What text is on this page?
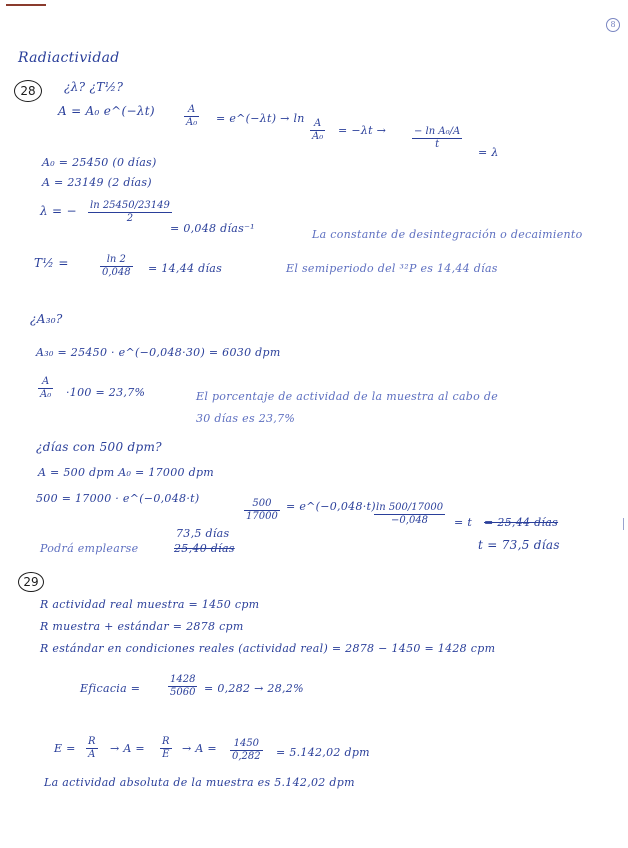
8
Radiactividad
28	¿λ? ¿T½?
A = A₀ e^(−λt)	$\frac{A}{\text{A₀}}$ = e^(−λt) → $\ln \frac{A}{\text{A₀}} = -\lambda t$ →	$\frac{\text{− ln A₀/A}}{t}$
= λ
A₀ = 25450 (0 días)
A = 23149 (2 días)
λ = − $\frac{\ln 25450/23149}{2}$
= 0,048 días⁻¹	La constante de desintegración o decaimiento
T½ =	$\frac{\ln 2}{0,048} = 14,44$ días	El semiperiodo del ³²P es 14,44 días
¿A₃₀?
A₃₀ = 25450 · e^(−0,048·30) = 6030 dpm
$\frac{A}{\text{A₀}} \cdot 100 = 23,7\%$	El porcentaje de actividad de la muestra al cabo de
30 días es 23,7%
¿días con 500 dpm?
A = 500 dpm A₀ = 17000 dpm
500 = 17000 · e^(−0,048·t)	$\frac{500}{17000}$ = e^(−0,048·t)
$\frac{\ln 500/17000}{-0,048} = t = 25,44$ días
t = 73,5 días
73,5 días
Podrá emplearse	25,40 días
29
R actividad real muestra = 1450 cpm
R muestra + estándar = 2878 cpm
R estándar en condiciones reales (actividad real) = 2878 − 1450 = 1428 cpm
Eficacia =	$\frac{1428}{5060} = 0,282 \to 28,2\%$
$E = \frac{R}{A} \to A = \frac{R}{E} \to A = \frac{1450}{0,282} = 5.142,02$ dpm
La actividad absoluta de la muestra es 5.142,02 dpm
